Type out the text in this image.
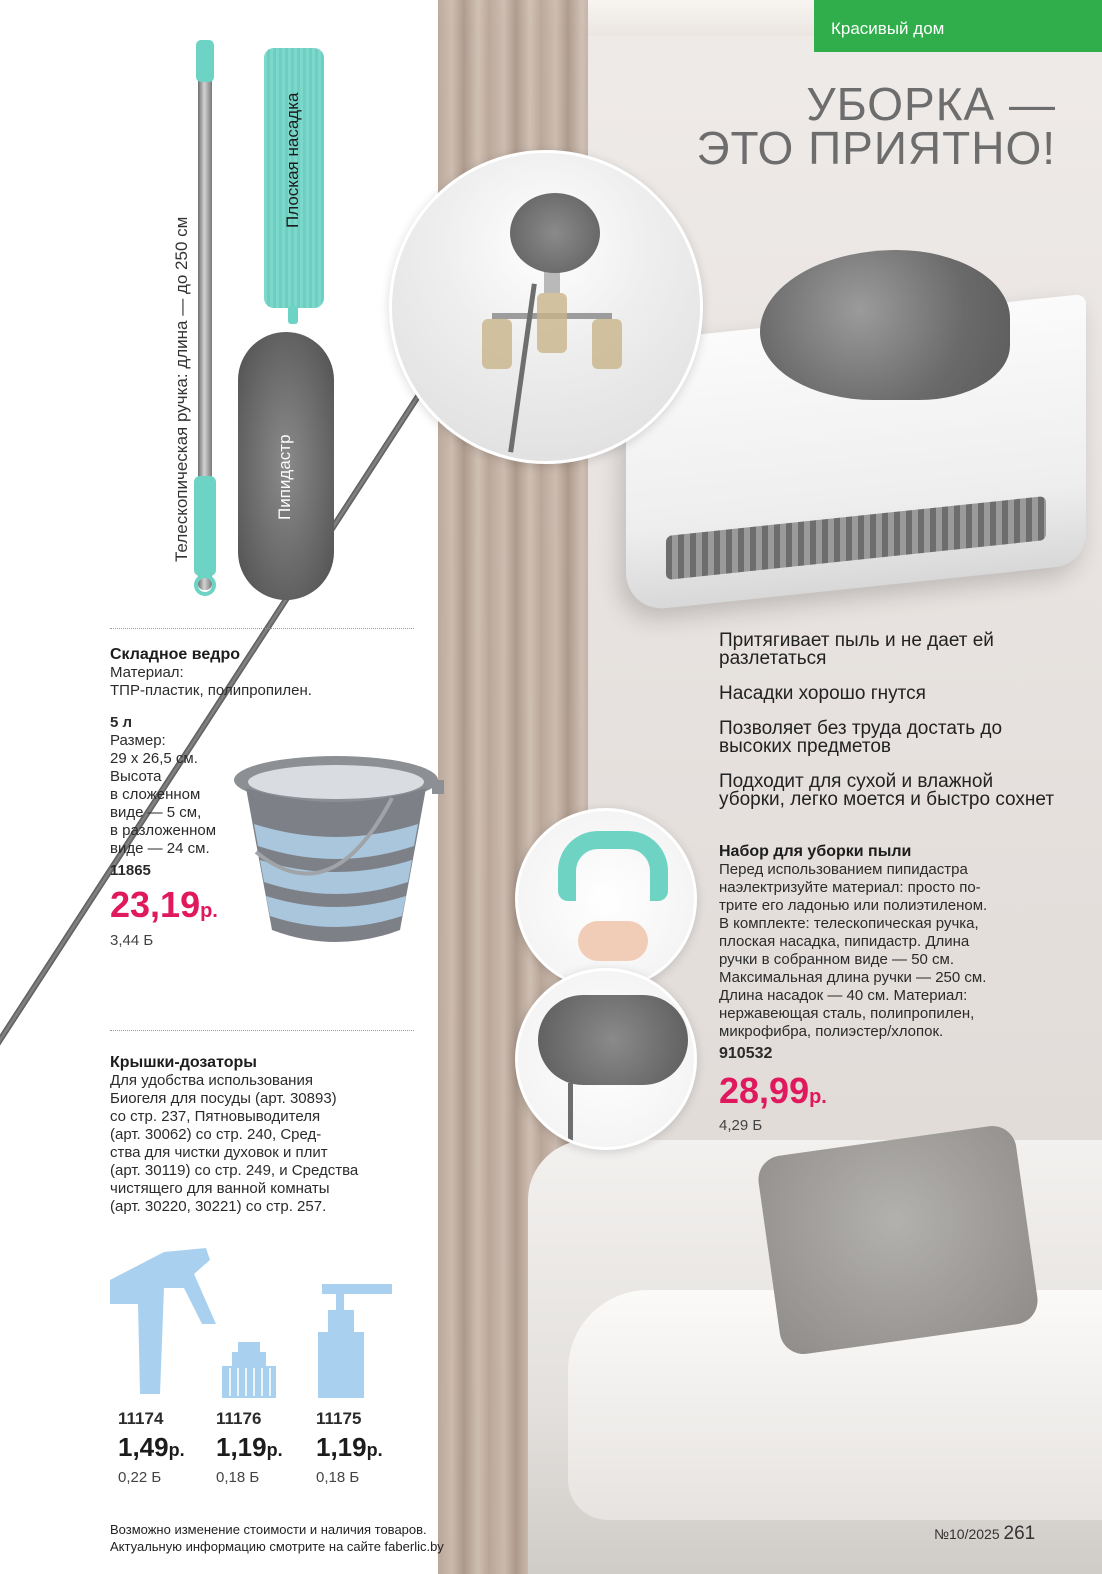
Красивый дом
УБОРКА —
ЭТО ПРИЯТНО!
Телескопическая ручка: длина — до 250 см
Плоская насадка
Пипидастр
Складное ведро
Материал:
ТПР-пластик, полипропилен.
5 л
Размер:
29 x 26,5 см.
Высота
в сложенном
виде — 5 см,
в разложенном
виде — 24 см.
11865
23,19р.
3,44 Б
Крышки-дозаторы
Для удобства использования
Биогеля для посуды (арт. 30893)
со стр. 237, Пятновыводителя
(арт. 30062) со стр. 240, Сред-
ства для чистки духовок и плит
(арт. 30119) со стр. 249, и Средства
чистящего для ванной комнаты
(арт. 30220, 30221) со стр. 257.
11174
1,49р.
0,22 Б
11176
1,19р.
0,18 Б
11175
1,19р.
0,18 Б

Притягивает пыль и не дает ей разлетаться

Насадки хорошо гнутся

Позволяет без труда достать до высоких предметов

Подходит для сухой и влажной уборки, легко моется и быстро сохнет

Набор для уборки пыли
Перед использованием пипидастра
наэлектризуйте материал: просто по-
трите его ладонью или полиэтиленом.
В комплекте: телескопическая ручка,
плоская насадка, пипидастр. Длина
ручки в собранном виде — 50 см.
Максимальная длина ручки — 250 см.
Длина насадок — 40 см. Материал:
нержавеющая сталь, полипропилен,
микрофибра, полиэстер/хлопок.
910532
28,99р.
4,29 Б
Возможно изменение стоимости и наличия товаров.
Актуальную информацию смотрите на сайте faberlic.by
№10/2025 261
